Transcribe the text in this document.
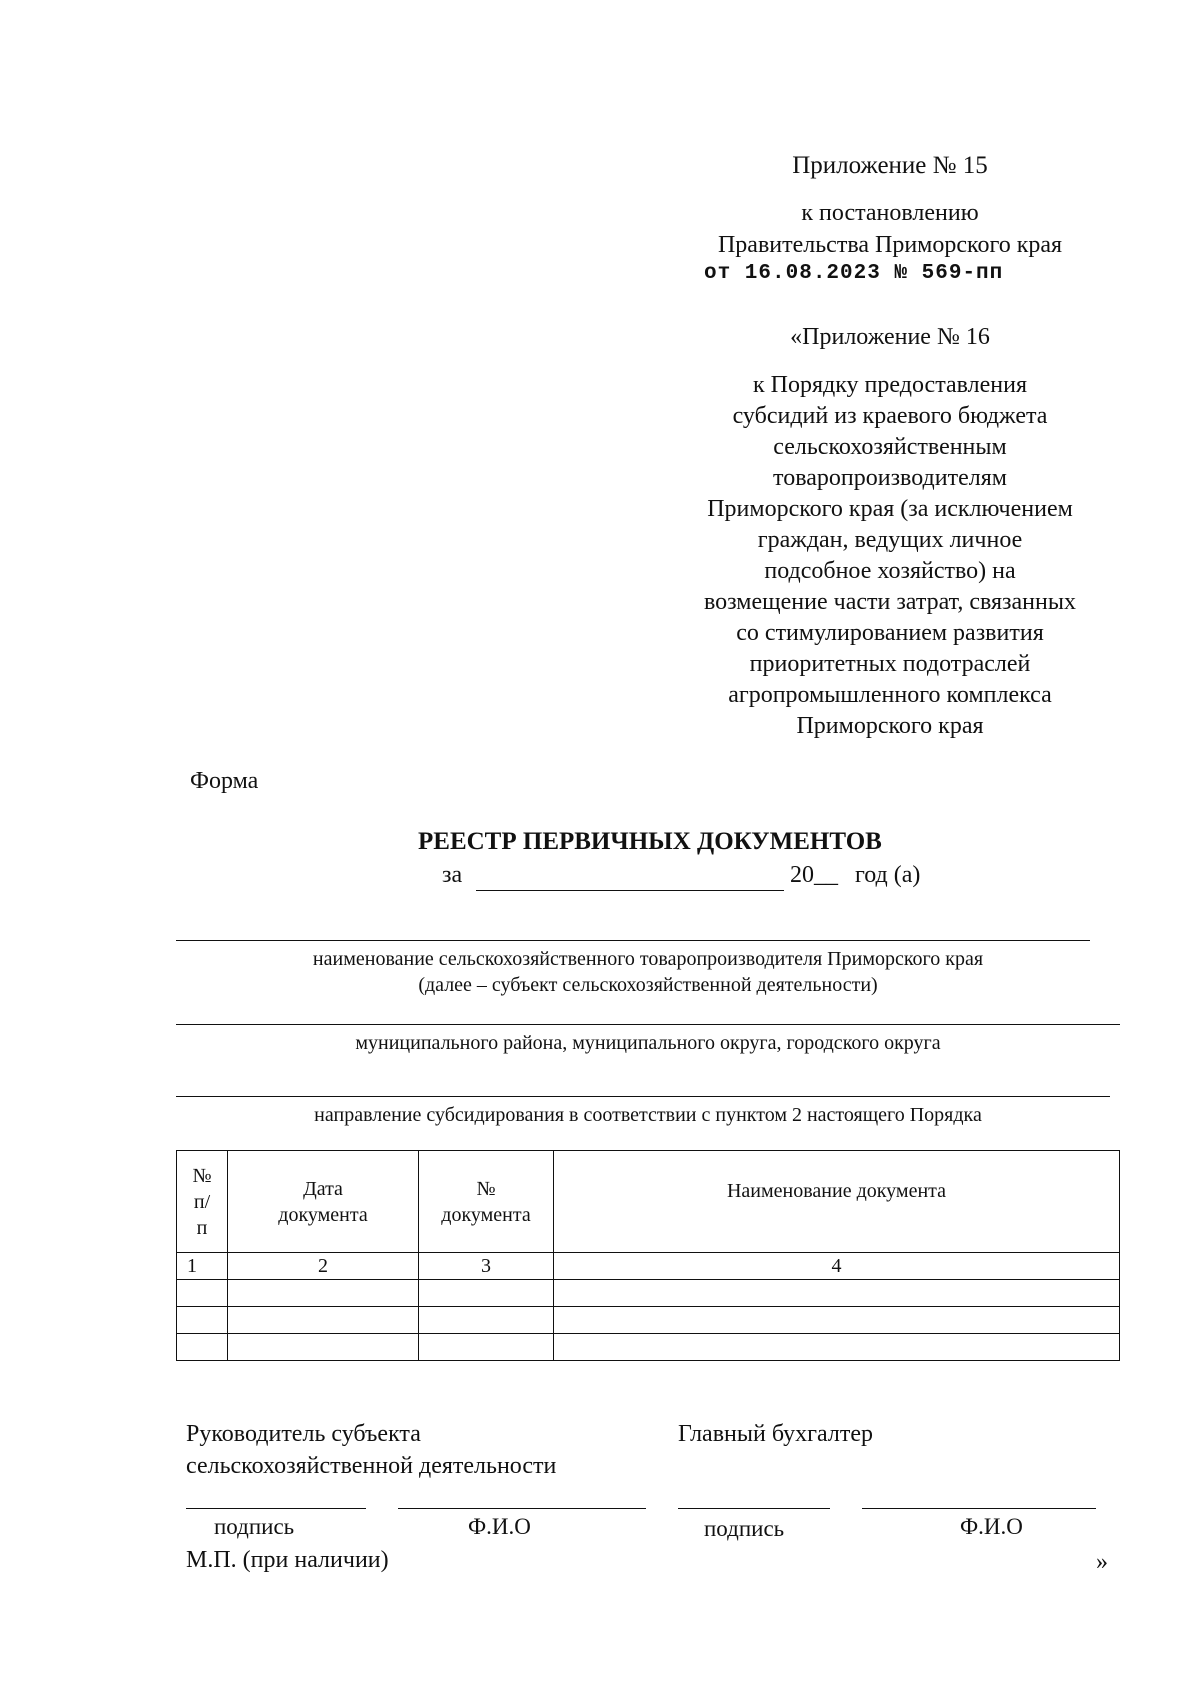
Приложение № 15
к постановлению
Правительства Приморского края
от 16.08.2023 № 569-пп
«Приложение № 16
к Порядку предоставления
субсидий из краевого бюджета
сельскохозяйственным
товаропроизводителям
Приморского края (за исключением
граждан, ведущих личное
подсобное хозяйство) на
возмещение части затрат, связанных
со стимулированием развития
приоритетных подотраслей
агропромышленного комплекса
Приморского края
Форма
РЕЕСТР ПЕРВИЧНЫХ ДОКУМЕНТОВ
за	20__ год (а)
наименование сельскохозяйственного товаропроизводителя Приморского края
(далее – субъект сельскохозяйственной деятельности)
муниципального района, муниципального округа, городского округа
направление субсидирования в соответствии с пунктом 2 настоящего Порядка
№ п/ п	Дата документа	№ документа	Наименование документа

1	2	3	4

Руководитель субъекта
сельскохозяйственной деятельности
Главный бухгалтер
подпись	Ф.И.О	подпись	Ф.И.О
М.П. (при наличии)	»
